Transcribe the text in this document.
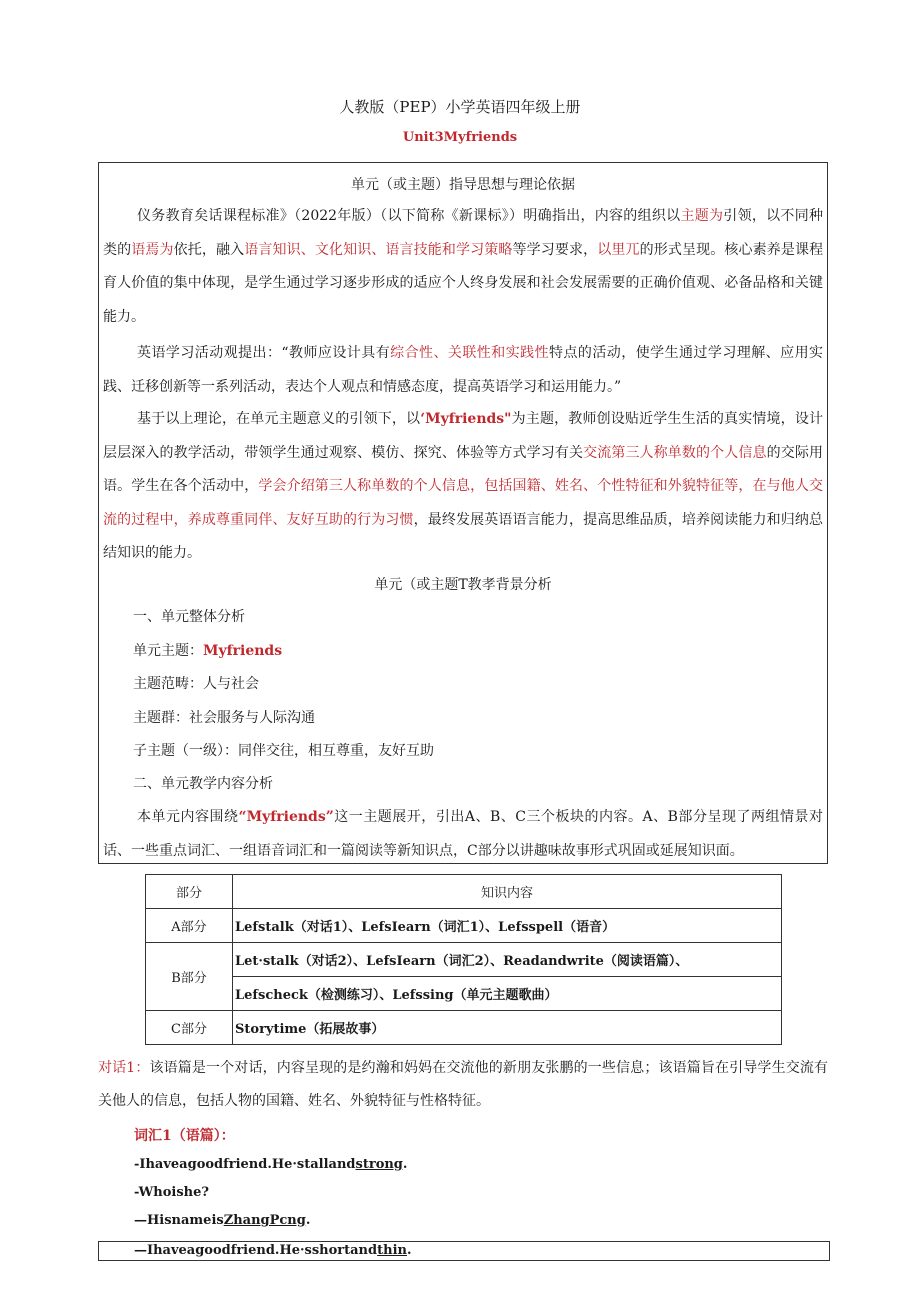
人教版（PEP）小学英语四年级上册
Unit3Myfriends
单元（或主题）指导思想与理论依据

仪务教育矣话课程标准》（2022年版）（以下简称《新课标》）明确指出，内容的组织以主题为引领，以不同种类的语焉为依托，融入语言知识、文化知识、语言技能和学习策略等学习要求，以里兀的形式呈现。核心素养是课程育人价值的集中体现，是学生通过学习逐步形成的适应个人终身发展和社会发展需要的正确价值观、必备品格和关键能力。

英语学习活动观提出：“教师应设计具有综合性、关联性和实践性特点的活动，使学生通过学习理解、应用实践、迁移创新等一系列活动，表达个人观点和情感态度，提高英语学习和运用能力。”

基于以上理论，在单元主题意义的引领下，以‘Myfriends"为主题，教师创设贴近学生生活的真实情境，设计层层深入的教学活动，带领学生通过观察、模仿、探究、体验等方式学习有关交流第三人称单数的个人信息的交际用语。学生在各个活动中，学会介绍第三人称单数的个人信息，包括国籍、姓名、个性特征和外貌特征等，在与他人交流的过程中，养成尊重同伴、友好互助的行为习惯，最终发展英语语言能力，提高思维品质，培养阅读能力和归纳总结知识的能力。

单元（或主题T教孝背景分析
一、单元整体分析
单元主题：Myfriends
主题范畴：人与社会
主题群：社会服务与人际沟通
子主题（一级）：同伴交往，相互尊重，友好互助
二、单元教学内容分析

本单元内容围绕“Myfriends”这一主题展开，引出A、B、C三个板块的内容。A、B部分呈现了两组情景对话、一些重点词汇、一组语音词汇和一篇阅读等新知识点，C部分以讲趣味故事形式巩固或延展知识面。

部分	知识内容
A部分	Lefstalk（对话1）、LefsIearn（词汇1）、Lefsspell（语音）
B部分	Let·stalk（对话2）、LefsIearn（词汇2）、Readandwrite（阅读语篇）、
	Lefscheck（检测练习）、Lefssing（单元主题歌曲）
C部分	Storytime（拓展故事）

对话1：该语篇是一个对话，内容呈现的是约瀚和妈妈在交流他的新朋友张鹏的一些信息；该语篇旨在引导学生交流有关他人的信息，包括人物的国籍、姓名、外貌特征与性格特征。

词汇1（语篇）：
-Ihaveagoodfriend.He·stallandstrong.
-Whoishe?
—HisnameisZhangPcng.
—Ihaveagoodfriend.He·sshortandthin.
